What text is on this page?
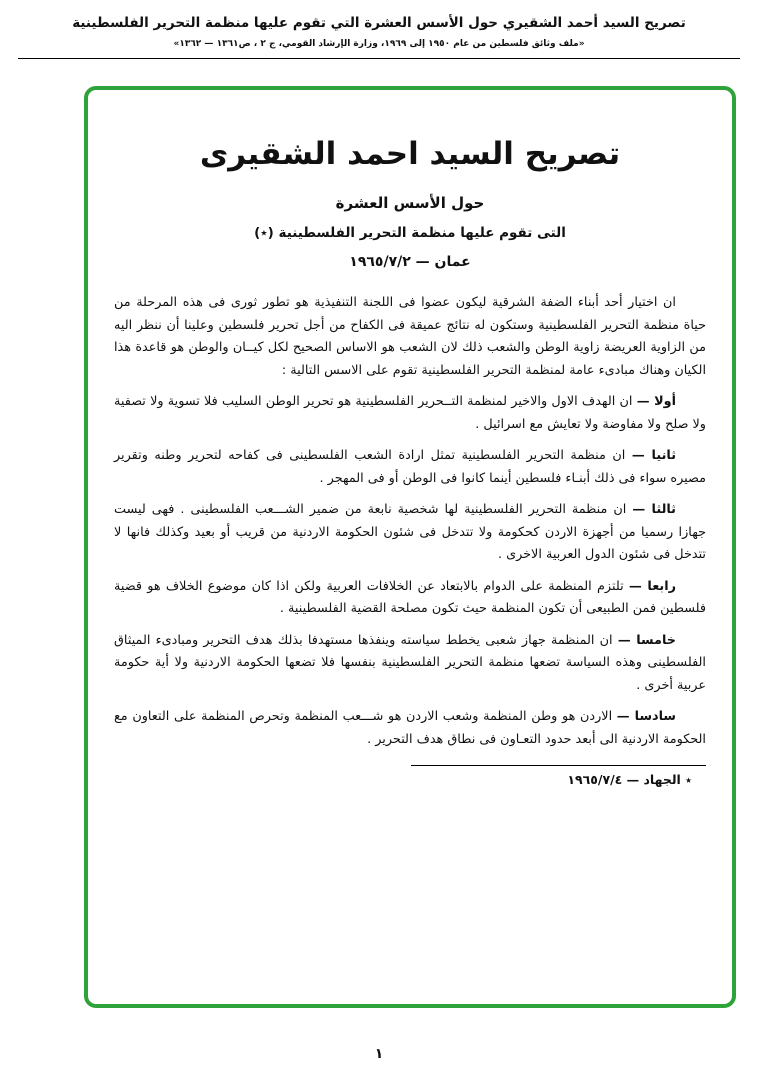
تصريح السيد أحمد الشقيري حول الأسس العشرة التي تقوم عليها منظمة التحرير الفلسطينية
«ملف وثائق فلسطين من عام ١٩٥٠ إلى ١٩٦٩، وزارة الإرشاد القومي، ج ٢ ، ص١٣٦١ — ١٣٦٢»
تصريح السيد احمد الشقيرى
حول الأسس العشرة
التى تقوم عليها منظمة التحرير الفلسطينية (٭)
عمان — ١٩٦٥/٧/٢

ان اختيار أحد أبناء الضفة الشرقية ليكون عضوا فى اللجنة التنفيذية هو تطور ثورى فى هذه المرحلة من حياة منظمة التحرير الفلسطينية وستكون له نتائج عميقة فى الكفاح من أجل تحرير فلسطين وعلينا أن ننظر اليه من الزاوية العريضة زاوية الوطن والشعب ذلك لان الشعب هو الاساس الصحيح لكل كيــان والوطن هو قاعدة هذا الكيان وهناك مبادىء عامة لمنظمة التحرير الفلسطينية تقوم على الاسس التالية :

أولا — ان الهدف الاول والاخير لمنظمة التــحرير الفلسطينية هو تحرير الوطن السليب فلا تسوية ولا تصفية ولا صلح ولا مفاوضة ولا تعايش مع اسرائيل .

ثانيا — ان منظمة التحرير الفلسطينية تمثل ارادة الشعب الفلسطينى فى كفاحه لتحرير وطنه وتقرير مصيره سواء فى ذلك أبنـاء فلسطين أينما كانوا فى الوطن أو فى المهجر .

ثالثا — ان منظمة التحرير الفلسطينية لها شخصية نابعة من ضمير الشـــعب الفلسطينى . فهى ليست جهازا رسميا من أجهزة الاردن كحكومة ولا تتدخل فى شئون الحكومة الاردنية من قريب أو بعيد وكذلك فانها لا تتدخل فى شئون الدول العربية الاخرى .

رابعا — تلتزم المنظمة على الدوام بالابتعاد عن الخلافات العربية ولكن اذا كان موضوع الخلاف هو قضية فلسطين فمن الطبيعى أن تكون المنظمة حيث تكون مصلحة القضية الفلسطينية .

خامسا — ان المنظمة جهاز شعبى يخطط سياسته وينفذها مستهدفا بذلك هدف التحرير ومبادىء الميثاق الفلسطينى وهذه السياسة تضعها منظمة التحرير الفلسطينية بنفسها فلا تضعها الحكومة الاردنية ولا أية حكومة عربية أخرى .

سادسا — الاردن هو وطن المنظمة وشعب الاردن هو شـــعب المنظمة وتحرص المنظمة على التعاون مع الحكومة الاردنية الى أبعد حدود التعـاون فى نطاق هدف التحرير .

٭ الجهاد — ١٩٦٥/٧/٤
١
